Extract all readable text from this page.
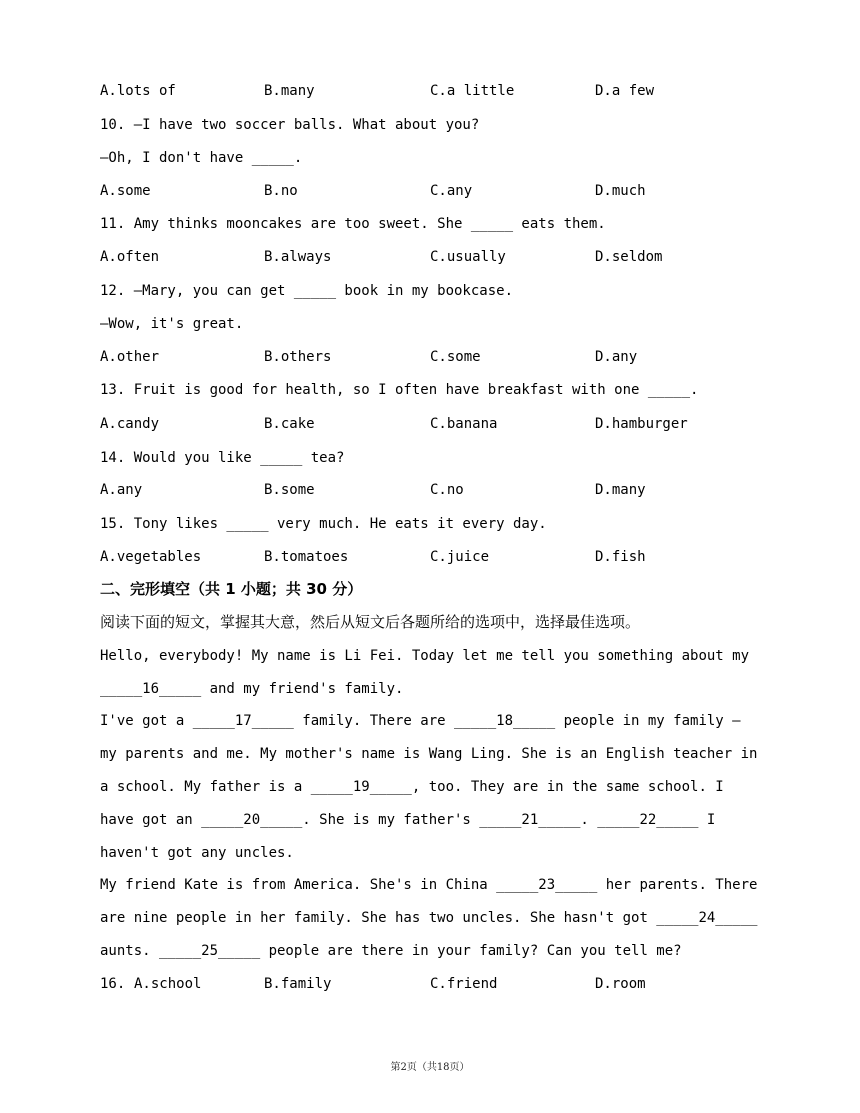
A.lots of	B.many	C.a little	D.a few
10. —I have two soccer balls. What about you?
—Oh, I don't have _____.
A.some	B.no	C.any	D.much
11. Amy thinks mooncakes are too sweet. She _____ eats them.
A.often	B.always	C.usually	D.seldom
12. —Mary, you can get _____ book in my bookcase.
—Wow, it's great.
A.other	B.others	C.some	D.any
13. Fruit is good for health, so I often have breakfast with one _____.
A.candy	B.cake	C.banana	D.hamburger
14. Would you like _____ tea?
A.any	B.some	C.no	D.many
15. Tony likes _____ very much. He eats it every day.
A.vegetables	B.tomatoes	C.juice	D.fish
二、完形填空（共 1 小题；共 30 分）
阅读下面的短文，掌握其大意，然后从短文后各题所给的选项中，选择最佳选项。
Hello, everybody! My name is Li Fei. Today let me tell you something about my
_____16_____ and my friend's family.
I've got a _____17_____ family. There are _____18_____ people in my family —
my parents and me. My mother's name is Wang Ling. She is an English teacher in
a school. My father is a _____19_____, too. They are in the same school. I
have got an _____20_____. She is my father's _____21_____. _____22_____ I
haven't got any uncles.
My friend Kate is from America. She's in China _____23_____ her parents. There
are nine people in her family. She has two uncles. She hasn't got _____24_____
aunts. _____25_____ people are there in your family? Can you tell me?
16. A.school	B.family	C.friend	D.room
第2页（共18页）
